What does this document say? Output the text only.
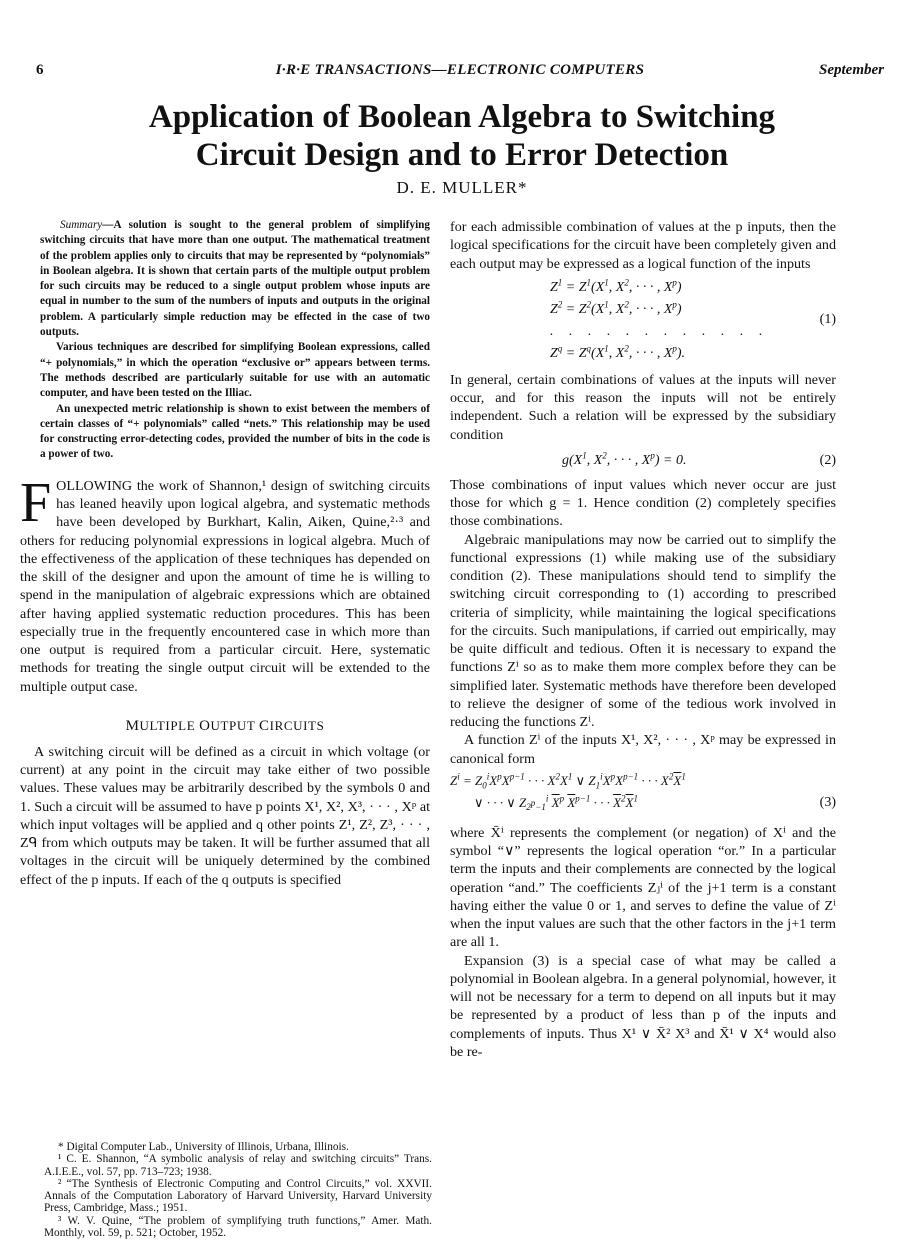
6	I·R·E TRANSACTIONS—ELECTRONIC COMPUTERS	September
Application of Boolean Algebra to Switching
Circuit Design and to Error Detection
D. E. MULLER*

Summary—A solution is sought to the general problem of simplifying switching circuits that have more than one output. The mathematical treatment of the problem applies only to circuits that may be represented by “polynomials” in Boolean algebra. It is shown that certain parts of the multiple output problem for such circuits may be reduced to a single output problem whose inputs are equal in number to the sum of the numbers of inputs and outputs in the original problem. A particularly simple reduction may be effected in the case of two outputs.

Various techniques are described for simplifying Boolean expressions, called “+ polynomials,” in which the operation “exclusive or” appears between terms. The methods described are particularly suitable for use with an automatic computer, and have been tested on the Illiac.

An unexpected metric relationship is shown to exist between the members of certain classes of “+ polynomials” called “nets.” This relationship may be used for constructing error-detecting codes, provided the number of bits in the code is a power of two.

FOLLOWING the work of Shannon,¹ design of switching circuits has leaned heavily upon logical algebra, and systematic methods have been developed by Burkhart, Kalin, Aiken, Quine,²·³ and others for reducing polynomial expressions in logical algebra. Much of the effectiveness of the application of these techniques has depended on the skill of the designer and upon the amount of time he is willing to spend in the manipulation of algebraic expressions which are obtained after having applied systematic reduction procedures. This has been especially true in the frequently encountered case in which more than one output is required from a particular circuit. Here, systematic methods for treating the single output circuit will be extended to the multiple output case.

MULTIPLE OUTPUT CIRCUITS

A switching circuit will be defined as a circuit in which voltage (or current) at any point in the circuit may take either of two possible values. These values may be arbitrarily described by the symbols 0 and 1. Such a circuit will be assumed to have p points X¹, X², X³, · · · , Xᵖ at which input voltages will be applied and q other points Z¹, Z², Z³, · · · , Zᑫ from which outputs may be taken. It will be further assumed that all voltages in the circuit will be uniquely determined by the combined effect of the p inputs. If each of the q outputs is specified

* Digital Computer Lab., University of Illinois, Urbana, Illinois.

¹ C. E. Shannon, “A symbolic analysis of relay and switching circuits” Trans. A.I.E.E., vol. 57, pp. 713–723; 1938.

² “The Synthesis of Electronic Computing and Control Circuits,” vol. XXVII. Annals of the Computation Laboratory of Harvard University, Harvard University Press, Cambridge, Mass.; 1951.

³ W. V. Quine, “The problem of symplifying truth functions,” Amer. Math. Monthly, vol. 59, p. 521; October, 1952.

for each admissible combination of values at the p inputs, then the logical specifications for the circuit have been completely given and each output may be expressed as a logical function of the inputs

$Z^1 = Z^1(X^1$, $X^2$, · · · , $X^p$)
$Z^2 = Z^2(X^1$, $X^2$, · · · , $X^p$)
. . . . . . . . . . . .
$Z^q = Z^q(X^1$, $X^2$, · · · , $X^p$).
(1)

In general, certain combinations of values at the inputs will never occur, and for this reason the inputs will not be entirely independent. Such a relation will be expressed by the subsidiary condition

$g(X^1$, $X^2$, · · · , $X^p) = 0$.	(2)

Those combinations of input values which never occur are just those for which g = 1. Hence condition (2) completely specifies those combinations.

Algebraic manipulations may now be carried out to simplify the functional expressions (1) while making use of the subsidiary condition (2). These manipulations should tend to simplify the switching circuit corresponding to (1) according to prescribed criteria of simplicity, while maintaining the logical specifications for the circuits. Such manipulations, if carried out empirically, may be quite difficult and tedious. Often it is necessary to expand the functions Zⁱ so as to make them more complex before they can be simplified later. Systematic methods have therefore been developed to relieve the designer of some of the tedious work involved in reducing the functions Zⁱ.

A function Zⁱ of the inputs X¹, X², · · · , Xᵖ may be expressed in canonical form

$Z^i = Z_0^iX^pX^{p-1}$ · · · $X^2X^1$ ∨ $Z_1^iX^pX^{p-1}$ · · · $X^2\overline{X}^1$
∨ · · · ∨ $Z_{2^p-1}^i$ $\overline{X}^p$ $\overline{X}^{p-1}$ · · · $\overline{X}^2\overline{X}^1$	(3)

where X̄ⁱ represents the complement (or negation) of Xⁱ and the symbol “∨” represents the logical operation “or.” In a particular term the inputs and their complements are connected by the logical operation “and.” The coefficients Zⱼⁱ of the j+1 term is a constant having either the value 0 or 1, and serves to define the value of Zⁱ when the input values are such that the other factors in the j+1 term are all 1.

Expansion (3) is a special case of what may be called a polynomial in Boolean algebra. In a general polynomial, however, it will not be necessary for a term to depend on all inputs but it may be represented by a product of less than p of the inputs and complements of inputs. Thus X¹ ∨ X̄² X³ and X̄¹ ∨ X⁴ would also be re-
